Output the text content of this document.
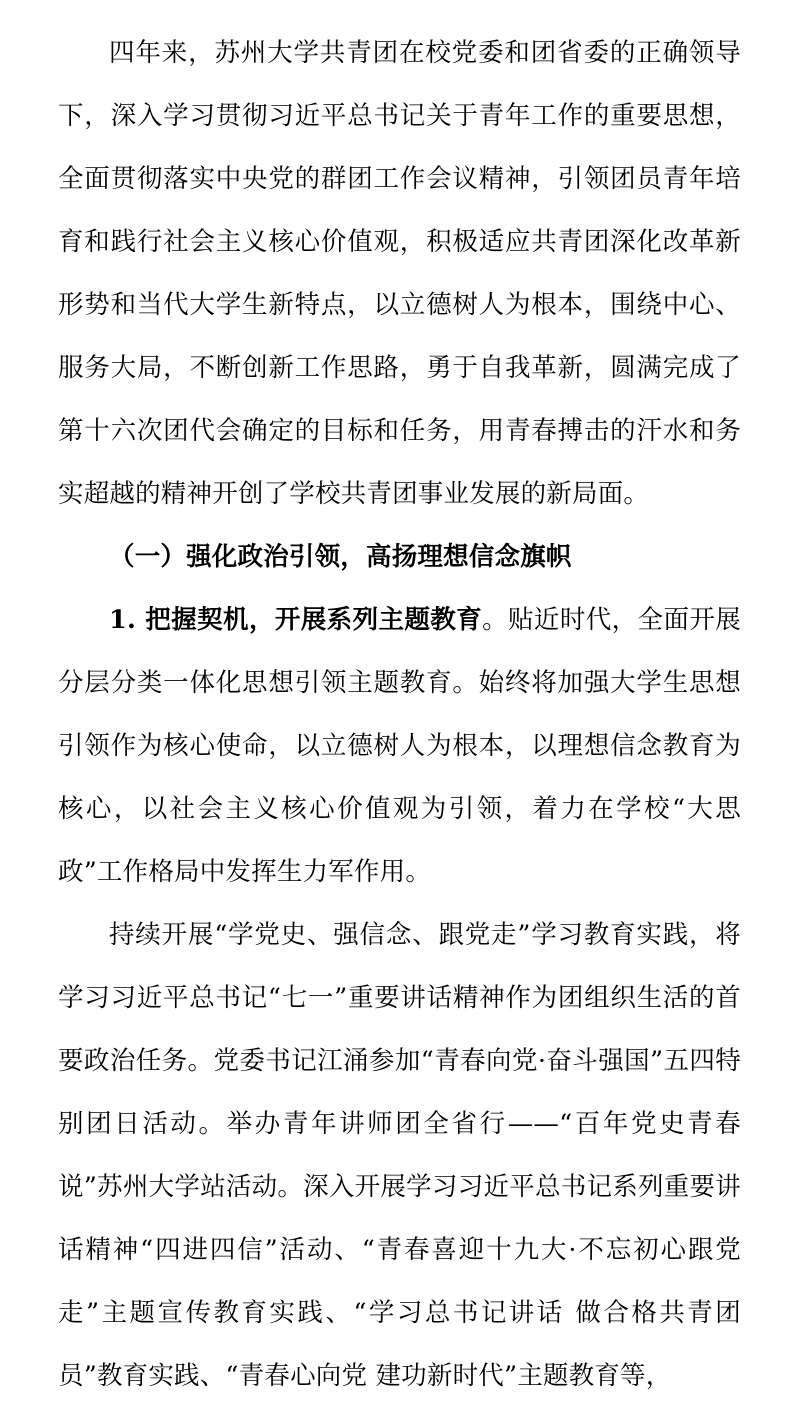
四年来，苏州大学共青团在校党委和团省委的正确领导下，深入学习贯彻习近平总书记关于青年工作的重要思想，全面贯彻落实中央党的群团工作会议精神，引领团员青年培育和践行社会主义核心价值观，积极适应共青团深化改革新形势和当代大学生新特点，以立德树人为根本，围绕中心、服务大局，不断创新工作思路，勇于自我革新，圆满完成了第十六次团代会确定的目标和任务，用青春搏击的汗水和务实超越的精神开创了学校共青团事业发展的新局面。

（一）强化政治引领，高扬理想信念旗帜

1. 把握契机，开展系列主题教育。贴近时代，全面开展分层分类一体化思想引领主题教育。始终将加强大学生思想引领作为核心使命，以立德树人为根本，以理想信念教育为核心，以社会主义核心价值观为引领，着力在学校“大思政”工作格局中发挥生力军作用。

持续开展“学党史、强信念、跟党走”学习教育实践，将学习习近平总书记“七一”重要讲话精神作为团组织生活的首要政治任务。党委书记江涌参加“青春向党·奋斗强国”五四特别团日活动。举办青年讲师团全省行——“百年党史青春说”苏州大学站活动。深入开展学习习近平总书记系列重要讲话精神“四进四信”活动、“青春喜迎十九大·不忘初心跟党走”主题宣传教育实践、“学习总书记讲话 做合格共青团员”教育实践、“青春心向党 建功新时代”主题教育等，
